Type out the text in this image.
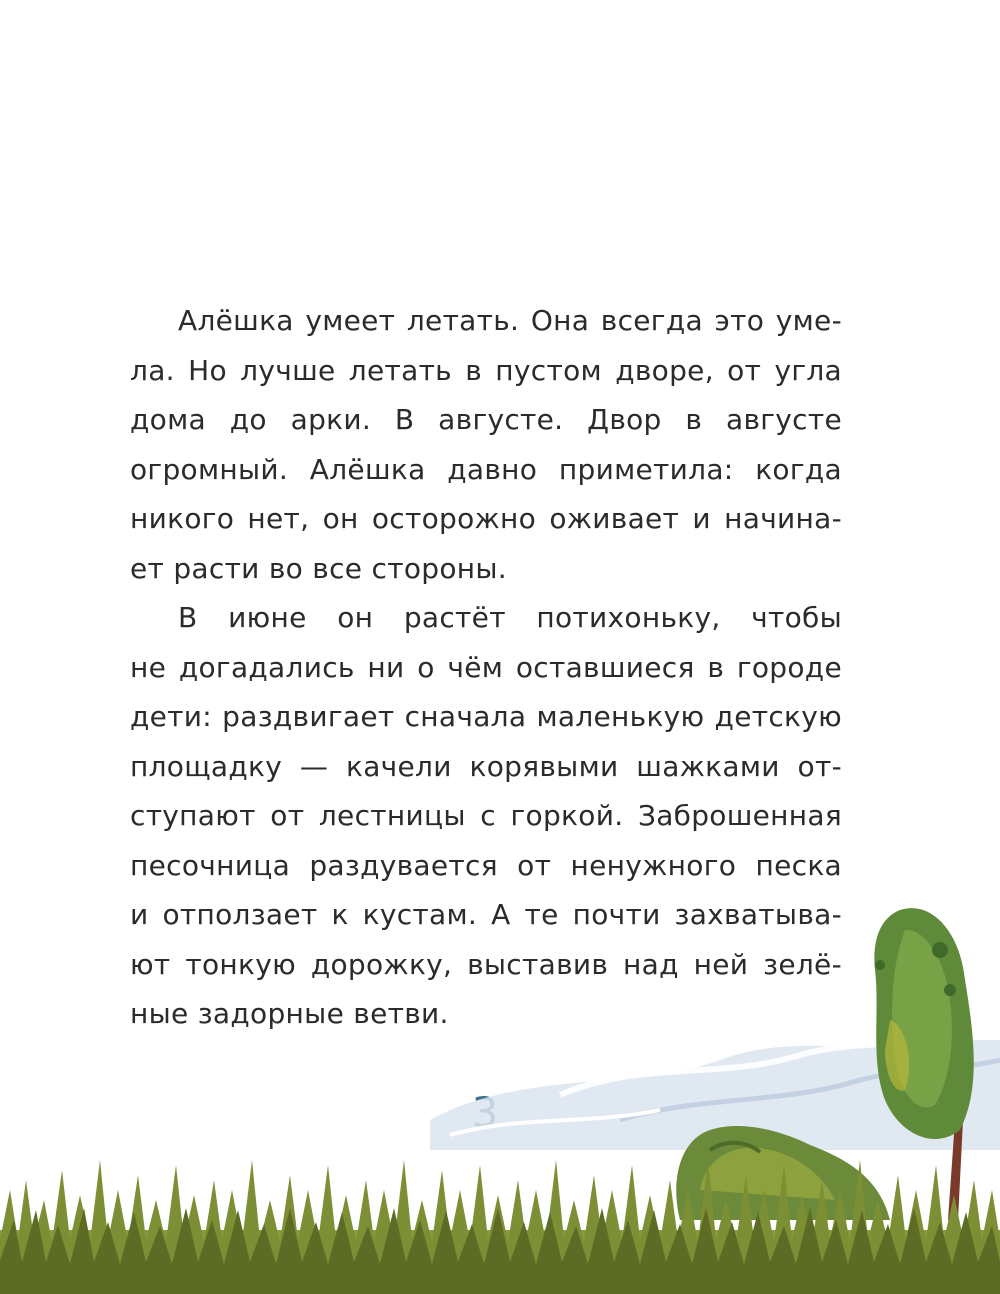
Алёшка умеет летать. Она всегда это уме-
ла. Но лучше летать в пустом дворе, от угла
дома до арки. В августе. Двор в августе
огромный. Алёшка давно приметила: когда
никого нет, он осторожно оживает и начина-
ет расти во все стороны.
В июне он растёт потихоньку, чтобы
не догадались ни о чём оставшиеся в городе
дети: раздвигает сначала маленькую детскую
площадку — качели корявыми шажками от-
ступают от лестницы с горкой. Заброшенная
песочница раздувается от ненужного песка
и отползает к кустам. А те почти захватыва-
ют тонкую дорожку, выставив над ней зелё-
ные задорные ветви.
